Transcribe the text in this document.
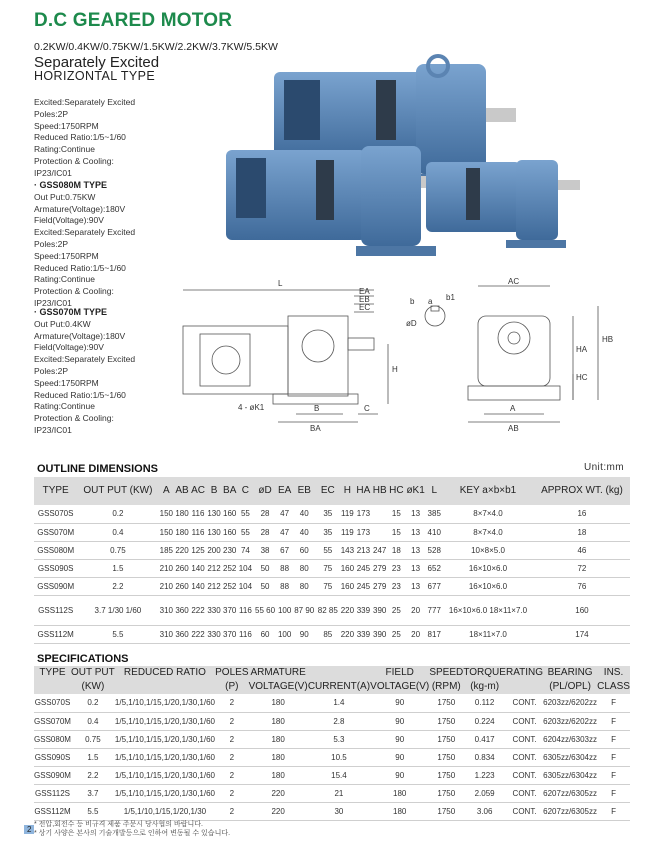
D.C GEARED MOTOR
0.2KW/0.4KW/0.75KW/1.5KW/2.2KW/3.7KW/5.5KW
Separately Excited
HORIZONTAL TYPE
Excited:Separately Excited
Poles:2P
Speed:1750RPM
Reduced Ratio:1/5~1/60
Rating:Continue
Protection & Cooling:
IP23/IC01
· GSS080M TYPE
Out Put:0.75KW
Armature(Voltage):180V
Field(Voltage):90V
Excited:Separately Excited
Poles:2P
Speed:1750RPM
Reduced Ratio:1/5~1/60
Rating:Continue
Protection & Cooling:
IP23/IC01
· GSS070M TYPE
Out Put:0.4KW
Armature(Voltage):180V
Field(Voltage):90V
Excited:Separately Excited
Poles:2P
Speed:1750RPM
Reduced Ratio:1/5~1/60
Rating:Continue
Protection & Cooling:
IP23/IC01
L
EA
EB
EC
H
4 - øK1	B
BA
C
b	b1
a
øD
AC
HA
HB
HC
A
AB
OUTLINE DIMENSIONS	Unit:mm
TYPE	OUT PUT (KW)	A	AB	AC	B	BA	C	øD	EA	EB	EC	H	HA	HB	HC	øK1	L	KEY a×b×b1	APPROX WT. (kg)
GSS070S	0.2	150	180	116	130	160	55	28	47	40	35	119	173		15	13	385	8×7×4.0	16
GSS070M	0.4	150	180	116	130	160	55	28	47	40	35	119	173		15	13	410	8×7×4.0	18
GSS080M	0.75	185	220	125	200	230	74	38	67	60	55	143	213	247	18	13	528	10×8×5.0	46
GSS090S	1.5	210	260	140	212	252	104	50	88	80	75	160	245	279	23	13	652	16×10×6.0	72
GSS090M	2.2	210	260	140	212	252	104	50	88	80	75	160	245	279	23	13	677	16×10×6.0	76
GSS112S	3.7 1/30 1/60	310	360	222	330	370	116	55 60	100	87 90	82 85	220	339	390	25	20	777	16×10×6.0 18×11×7.0	160
GSS112M	5.5	310	360	222	330	370	116	60	100	90	85	220	339	390	25	20	817	18×11×7.0	174
SPECIFICATIONS
TYPE	OUT PUT	REDUCED RATIO	POLES	ARMATURE		FIELD	SPEED	TORQUE	RATING	BEARING	INS.
	(KW)		(P)	VOLTAGE(V)	CURRENT(A)	VOLTAGE(V)	(RPM)	(kg-m)		(PL/OPL)	CLASS
GSS070S	0.2	1/5,1/10,1/15,1/20,1/30,1/60	2	180	1.4	90	1750	0.112	CONT.	6203zz/6202zz	F
GSS070M	0.4	1/5,1/10,1/15,1/20,1/30,1/60	2	180	2.8	90	1750	0.224	CONT.	6203zz/6202zz	F
GSS080M	0.75	1/5,1/10,1/15,1/20,1/30,1/60	2	180	5.3	90	1750	0.417	CONT.	6204zz/6303zz	F
GSS090S	1.5	1/5,1/10,1/15,1/20,1/30,1/60	2	180	10.5	90	1750	0.834	CONT.	6305zz/6304zz	F
GSS090M	2.2	1/5,1/10,1/15,1/20,1/30,1/60	2	180	15.4	90	1750	1.223	CONT.	6305zz/6304zz	F
GSS112S	3.7	1/5,1/10,1/15,1/20,1/30,1/60	2	220	21	180	1750	2.059	CONT.	6207zz/6305zz	F
GSS112M	5.5	1/5,1/10,1/15,1/20,1/30	2	220	30	180	1750	3.06	CONT.	6207zz/6305zz	F
2
* 전압,회전수 등 비규격 제품 주문시 당사협의 바랍니다.
* 상기 사양은 본사의 기술개발등으로 인하여 변동될 수 있습니다.
